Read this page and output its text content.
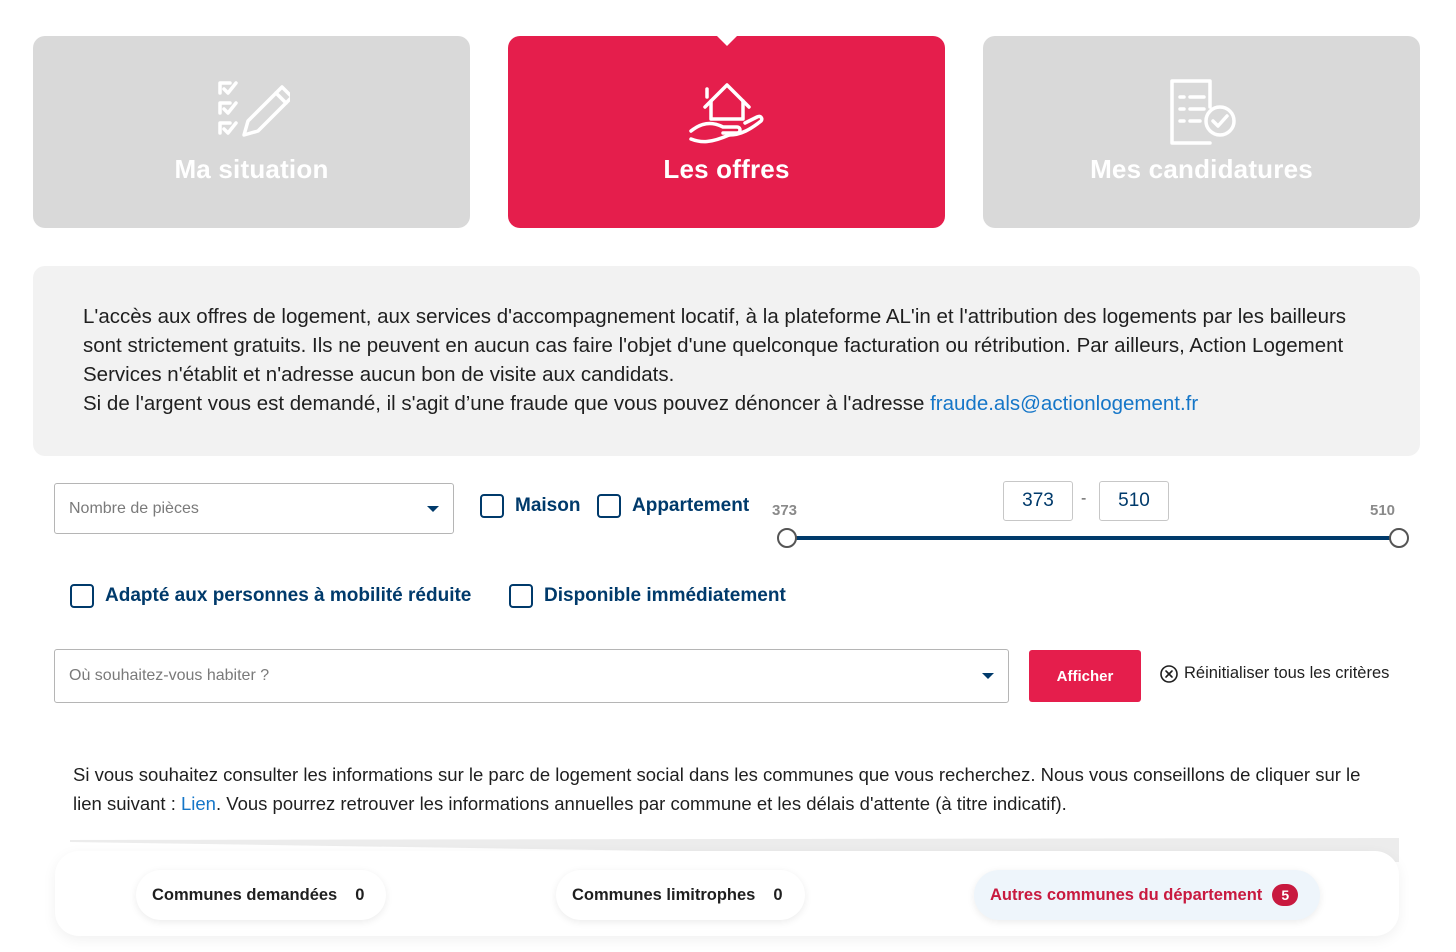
Ma situation	Les offres	Mes candidatures
L'accès aux offres de logement, aux services d'accompagnement locatif, à la plateforme AL'in et l'attribution des logements par les bailleurs sont strictement gratuits. Ils ne peuvent en aucun cas faire l'objet d'une quelconque facturation ou rétribution. Par ailleurs, Action Logement Services n'établit et n'adresse aucun bon de visite aux candidats.
Si de l'argent vous est demandé, il s'agit d’une fraude que vous pouvez dénoncer à l'adresse fraude.als@actionlogement.fr
Nombre de pièces	Maison	Appartement 373	510
373	-	510
Adapté aux personnes à mobilité réduite	Disponible immédiatement
Où souhaitez-vous habiter ?	Afficher	Réinitialiser tous les critères
Si vous souhaitez consulter les informations sur le parc de logement social dans les communes que vous recherchez. Nous vous conseillons de cliquer sur le lien suivant : Lien. Vous pourrez retrouver les informations annuelles par commune et les délais d'attente (à titre indicatif).
Communes demandées 0	Communes limitrophes 0	Autres communes du département	5
